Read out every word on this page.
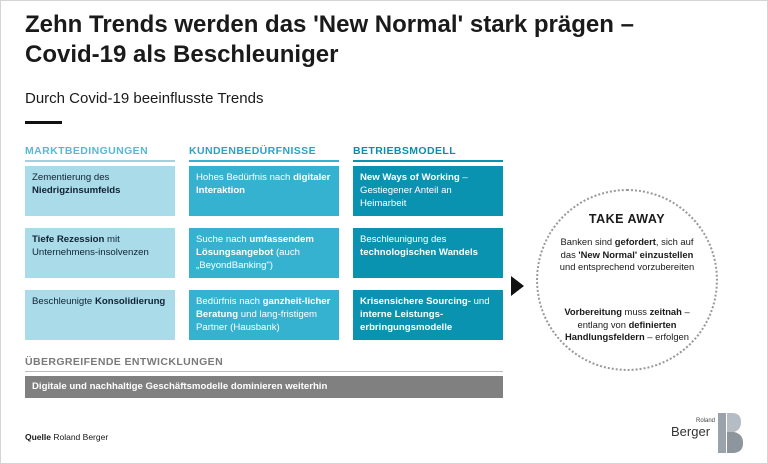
Zehn Trends werden das 'New Normal' stark prägen –
Covid-19 als Beschleuniger
Durch Covid-19 beeinflusste Trends
MARKTBEDINGUNGEN	KUNDENBEDÜRFNISSE	BETRIEBSMODELL
Zementierung des Niedrigzinsumfelds
Tiefe Rezession mit Unternehmens-insolvenzen
Beschleunigte Konsolidierung
Hohes Bedürfnis nach digitaler Interaktion
Suche nach umfassendem Lösungsangebot (auch „BeyondBanking")
Bedürfnis nach ganzheit-licher Beratung und lang-fristigem Partner (Hausbank)
New Ways of Working – Gestiegener Anteil an Heimarbeit
Beschleunigung des technologischen Wandels
Krisensichere Sourcing- und interne Leistungs-erbringungsmodelle
ÜBERGREIFENDE ENTWICKLUNGEN
Digitale und nachhaltige Geschäftsmodelle dominieren weiterhin
TAKE AWAY
Banken sind gefordert, sich auf das 'New Normal' einzustellen und entsprechend vorzubereiten
Vorbereitung muss zeitnah – entlang von definierten Handlungsfeldern – erfolgen
Quelle Roland Berger
Roland
Berger
